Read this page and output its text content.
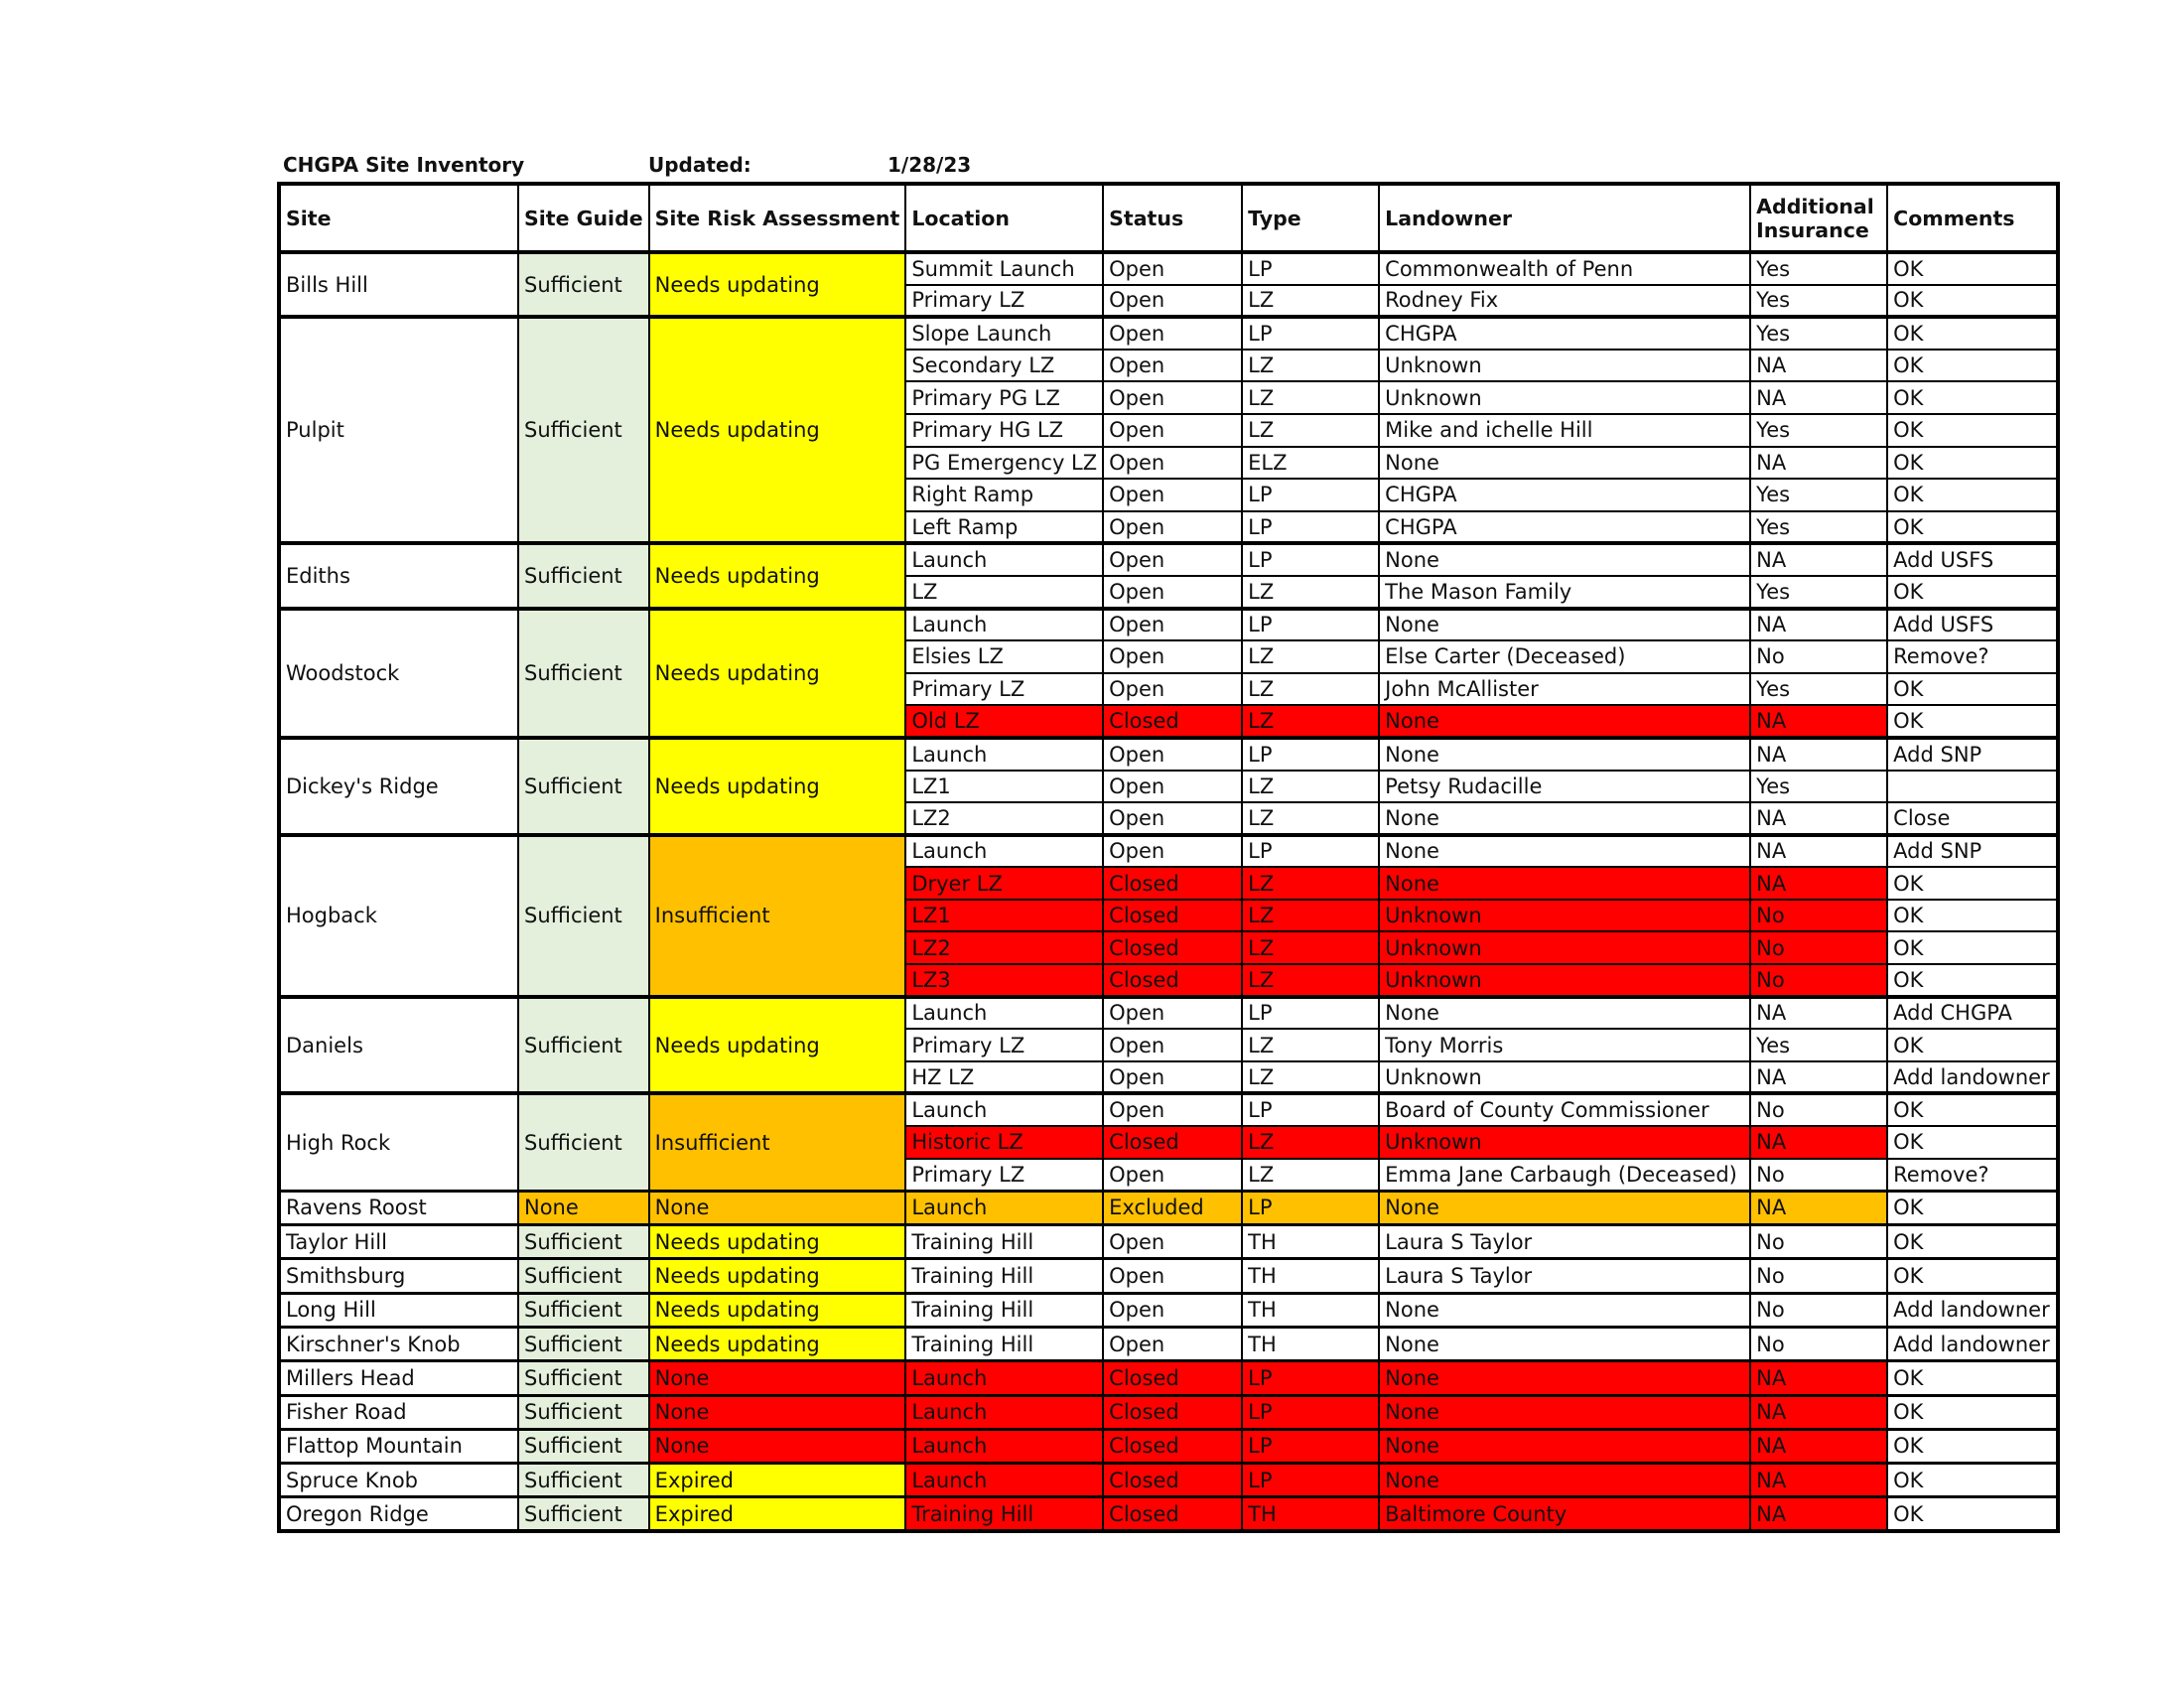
CHGPA Site Inventory	Updated:	1/28/23
Site	Site Guide	Site Risk Assessment	Location	Status	Type	Landowner	Additional Insurance	Comments
Bills Hill	Sufficient	Needs updating	Summit Launch	Open	LP	Commonwealth of Penn	Yes	OK
			Primary LZ	Open	LZ	Rodney Fix	Yes	OK
Pulpit	Sufficient	Needs updating	Slope Launch	Open	LP	CHGPA	Yes	OK
			Secondary LZ	Open	LZ	Unknown	NA	OK
			Primary PG LZ	Open	LZ	Unknown	NA	OK
			Primary HG LZ	Open	LZ	Mike and ichelle Hill	Yes	OK
			PG Emergency LZ	Open	ELZ	None	NA	OK
			Right Ramp	Open	LP	CHGPA	Yes	OK
			Left Ramp	Open	LP	CHGPA	Yes	OK
Ediths	Sufficient	Needs updating	Launch	Open	LP	None	NA	Add USFS
			LZ	Open	LZ	The Mason Family	Yes	OK
Woodstock	Sufficient	Needs updating	Launch	Open	LP	None	NA	Add USFS
			Elsies LZ	Open	LZ	Else Carter (Deceased)	No	Remove?
			Primary LZ	Open	LZ	John McAllister	Yes	OK
			Old LZ	Closed	LZ	None	NA	OK
Dickey's Ridge	Sufficient	Needs updating	Launch	Open	LP	None	NA	Add SNP
			LZ1	Open	LZ	Petsy Rudacille	Yes	
			LZ2	Open	LZ	None	NA	Close
Hogback	Sufficient	Insufficient	Launch	Open	LP	None	NA	Add SNP
			Dryer LZ	Closed	LZ	None	NA	OK
			LZ1	Closed	LZ	Unknown	No	OK
			LZ2	Closed	LZ	Unknown	No	OK
			LZ3	Closed	LZ	Unknown	No	OK
Daniels	Sufficient	Needs updating	Launch	Open	LP	None	NA	Add CHGPA
			Primary LZ	Open	LZ	Tony Morris	Yes	OK
			HZ LZ	Open	LZ	Unknown	NA	Add landowner
High Rock	Sufficient	Insufficient	Launch	Open	LP	Board of County Commissioner	No	OK
			Historic LZ	Closed	LZ	Unknown	NA	OK
			Primary LZ	Open	LZ	Emma Jane Carbaugh (Deceased)	No	Remove?
Ravens Roost	None	None	Launch	Excluded	LP	None	NA	OK
Taylor Hill	Sufficient	Needs updating	Training Hill	Open	TH	Laura S Taylor	No	OK
Smithsburg	Sufficient	Needs updating	Training Hill	Open	TH	Laura S Taylor	No	OK
Long Hill	Sufficient	Needs updating	Training Hill	Open	TH	None	No	Add landowner
Kirschner's Knob	Sufficient	Needs updating	Training Hill	Open	TH	None	No	Add landowner
Millers Head	Sufficient	None	Launch	Closed	LP	None	NA	OK
Fisher Road	Sufficient	None	Launch	Closed	LP	None	NA	OK
Flattop Mountain	Sufficient	None	Launch	Closed	LP	None	NA	OK
Spruce Knob	Sufficient	Expired	Launch	Closed	LP	None	NA	OK
Oregon Ridge	Sufficient	Expired	Training Hill	Closed	TH	Baltimore County	NA	OK
